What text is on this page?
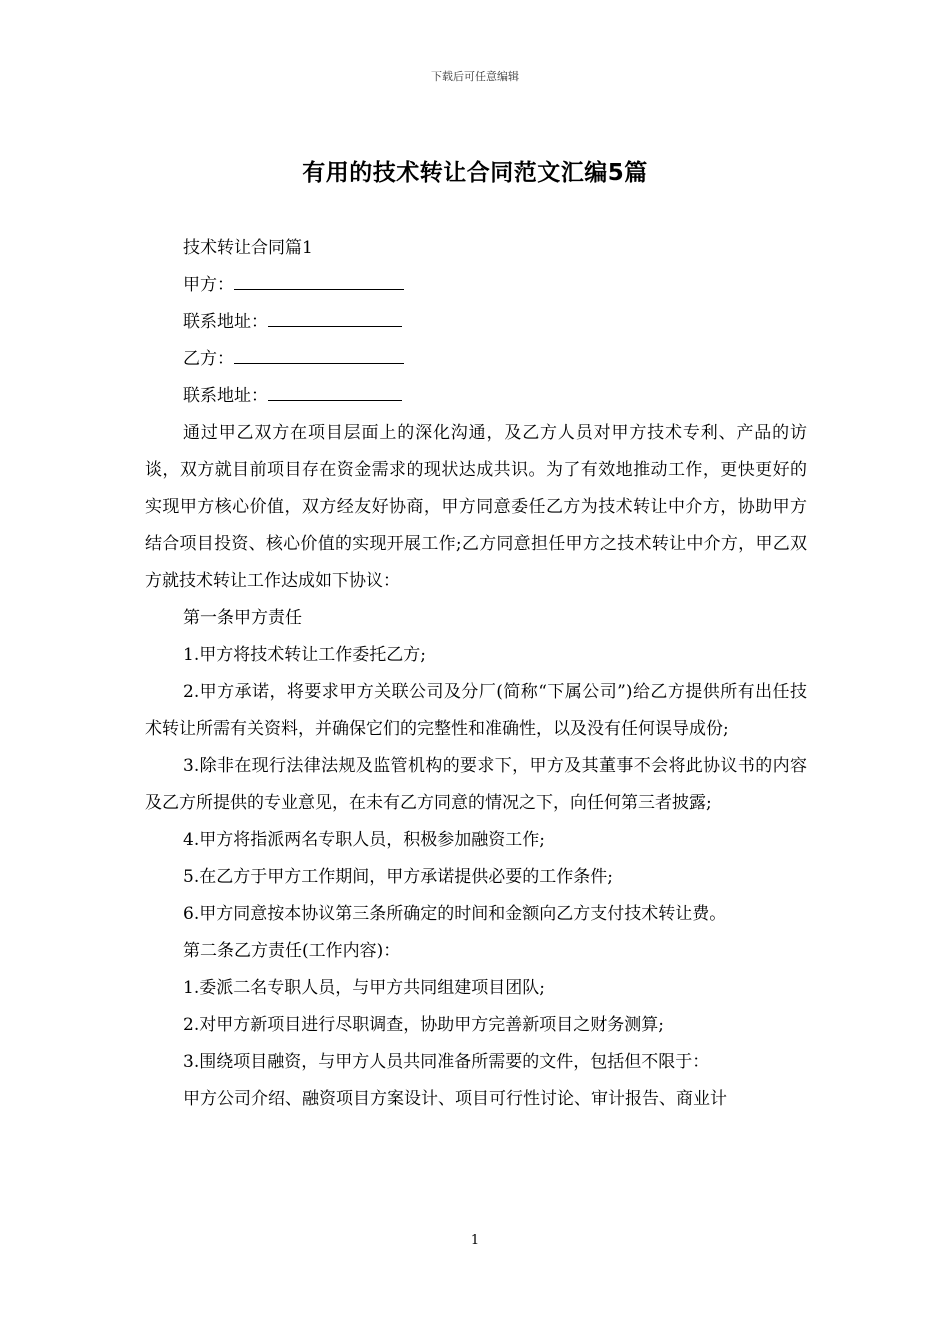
下载后可任意编辑
有用的技术转让合同范文汇编5篇

技术转让合同篇1

甲方：

联系地址：

乙方：

联系地址：

通过甲乙双方在项目层面上的深化沟通，及乙方人员对甲方技术专利、产品的访谈，双方就目前项目存在资金需求的现状达成共识。为了有效地推动工作，更快更好的实现甲方核心价值，双方经友好协商，甲方同意委任乙方为技术转让中介方，协助甲方结合项目投资、核心价值的实现开展工作;乙方同意担任甲方之技术转让中介方，甲乙双方就技术转让工作达成如下协议：

第一条甲方责任

1.甲方将技术转让工作委托乙方;

2.甲方承诺，将要求甲方关联公司及分厂(简称“下属公司”)给乙方提供所有出任技术转让所需有关资料，并确保它们的完整性和准确性，以及没有任何误导成份;

3.除非在现行法律法规及监管机构的要求下，甲方及其董事不会将此协议书的内容及乙方所提供的专业意见，在未有乙方同意的情况之下，向任何第三者披露;

4.甲方将指派两名专职人员，积极参加融资工作;

5.在乙方于甲方工作期间，甲方承诺提供必要的工作条件;

6.甲方同意按本协议第三条所确定的时间和金额向乙方支付技术转让费。

第二条乙方责任(工作内容)：

1.委派二名专职人员，与甲方共同组建项目团队;

2.对甲方新项目进行尽职调查，协助甲方完善新项目之财务测算;

3.围绕项目融资，与甲方人员共同准备所需要的文件，包括但不限于：

甲方公司介绍、融资项目方案设计、项目可行性讨论、审计报告、商业计

1
